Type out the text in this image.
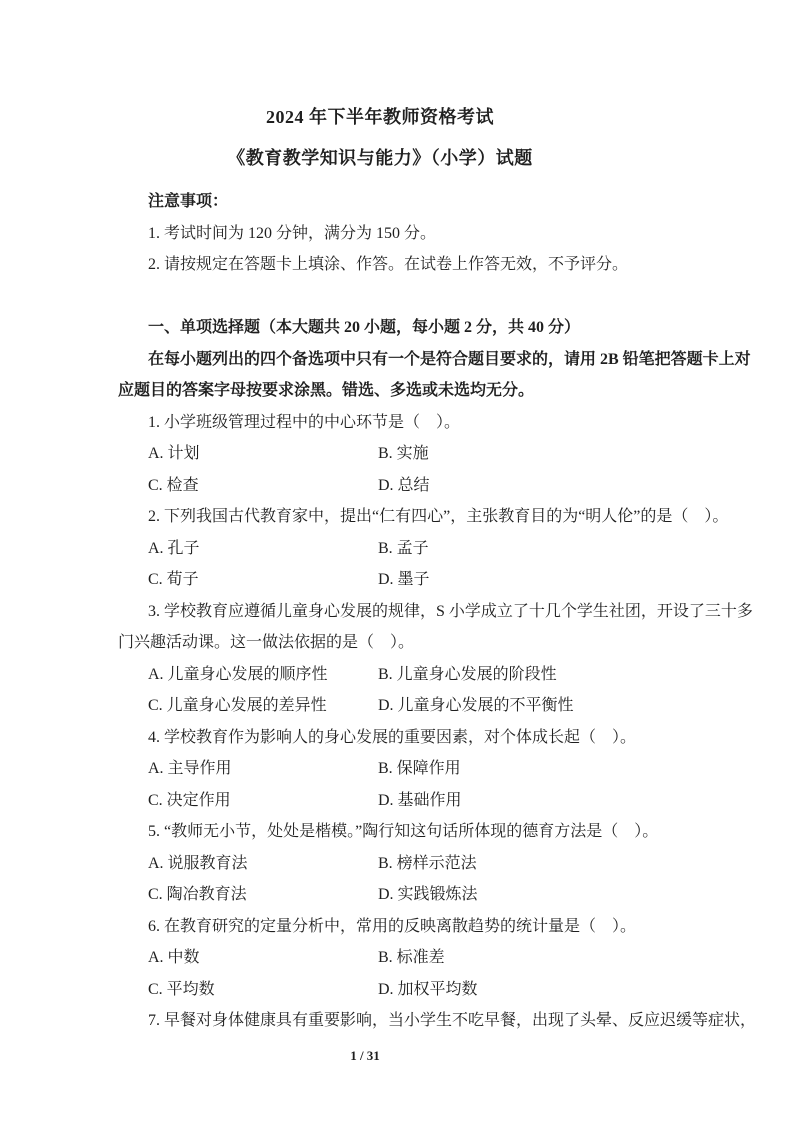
2024 年下半年教师资格考试
《教育教学知识与能力》（小学）试题
注意事项：
1. 考试时间为 120 分钟，满分为 150 分。
2. 请按规定在答题卡上填涂、作答。在试卷上作答无效，不予评分。
一、单项选择题（本大题共 20 小题，每小题 2 分，共 40 分）
在每小题列出的四个备选项中只有一个是符合题目要求的，请用 2B 铅笔把答题卡上对
应题目的答案字母按要求涂黑。错选、多选或未选均无分。
1. 小学班级管理过程中的中心环节是（　）。
A. 计划	B. 实施
C. 检查	D. 总结
2. 下列我国古代教育家中，提出“仁有四心”，主张教育目的为“明人伦”的是（　）。
A. 孔子	B. 孟子
C. 荀子	D. 墨子
3. 学校教育应遵循儿童身心发展的规律，S 小学成立了十几个学生社团，开设了三十多
门兴趣活动课。这一做法依据的是（　）。
A. 儿童身心发展的顺序性	B. 儿童身心发展的阶段性
C. 儿童身心发展的差异性	D. 儿童身心发展的不平衡性
4. 学校教育作为影响人的身心发展的重要因素，对个体成长起（　）。
A. 主导作用	B. 保障作用
C. 决定作用	D. 基础作用
5. “教师无小节，处处是楷模。”陶行知这句话所体现的德育方法是（　）。
A. 说服教育法	B. 榜样示范法
C. 陶冶教育法	D. 实践锻炼法
6. 在教育研究的定量分析中，常用的反映离散趋势的统计量是（　）。
A. 中数	B. 标准差
C. 平均数	D. 加权平均数
7. 早餐对身体健康具有重要影响，当小学生不吃早餐，出现了头晕、反应迟缓等症状，
1 / 31
